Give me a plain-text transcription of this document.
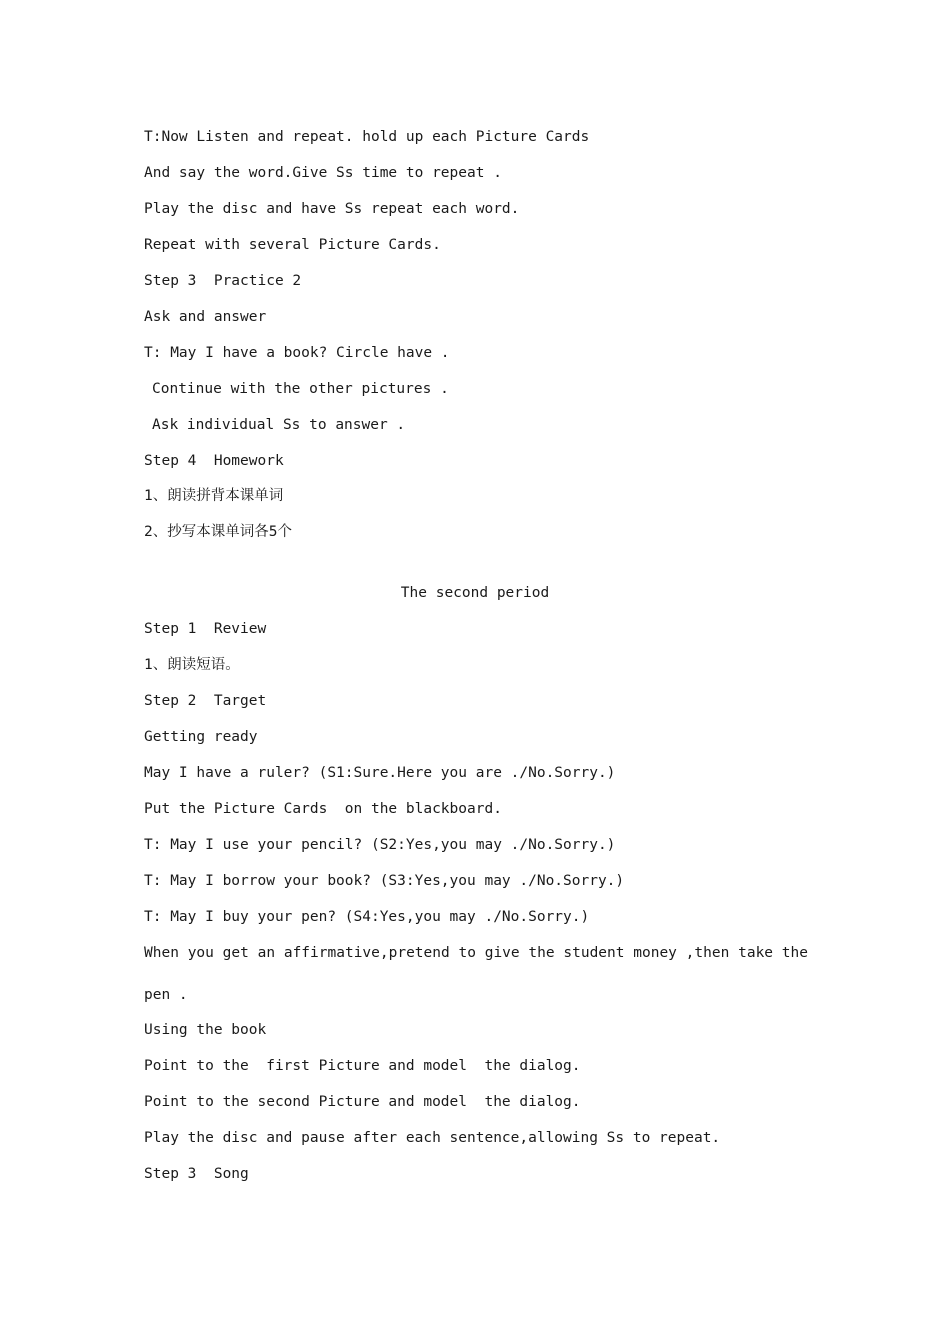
T:Now Listen and repeat. hold up each Picture Cards

And say the word.Give Ss time to repeat .

Play the disc and have Ss repeat each word.

Repeat with several Picture Cards.

Step 3  Practice 2

Ask and answer

T: May I have a book? Circle have .

Continue with the other pictures .

Ask individual Ss to answer .

Step 4  Homework

1、朗读拼背本课单词

2、抄写本课单词各5个

The second period

Step 1  Review

1、朗读短语。

Step 2  Target

Getting ready

May I have a ruler? (S1:Sure.Here you are ./No.Sorry.)

Put the Picture Cards  on the blackboard.

T: May I use your pencil? (S2:Yes,you may ./No.Sorry.)

T: May I borrow your book? (S3:Yes,you may ./No.Sorry.)

T: May I buy your pen? (S4:Yes,you may ./No.Sorry.)

When you get an affirmative,pretend to give the student money ,then take the

pen .

Using the book

Point to the  first Picture and model  the dialog.

Point to the second Picture and model  the dialog.

Play the disc and pause after each sentence,allowing Ss to repeat.

Step 3  Song
